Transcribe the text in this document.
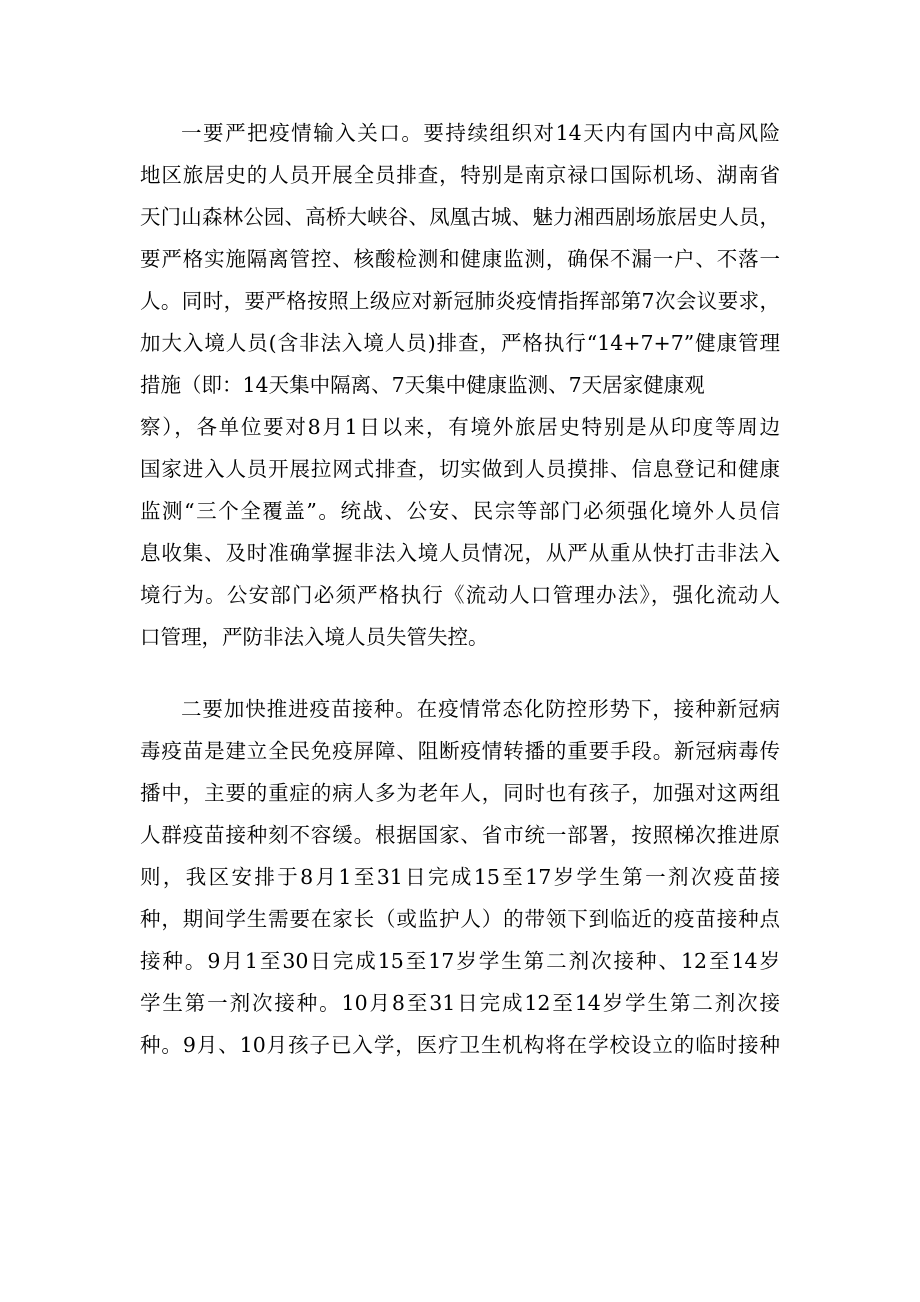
一要严把疫情输入关口。要持续组织对14天内有国内中高风险
地区旅居史的人员开展全员排查，特别是南京禄口国际机场、湖南省
天门山森林公园、高桥大峡谷、凤凰古城、魅力湘西剧场旅居史人员，
要严格实施隔离管控、核酸检测和健康监测，确保不漏一户、不落一
人。同时，要严格按照上级应对新冠肺炎疫情指挥部第7次会议要求，
加大入境人员(含非法入境人员)排查，严格执行“14+7+7”健康管理
措施（即：14天集中隔离、7天集中健康监测、7天居家健康观
察），各单位要对8月1日以来，有境外旅居史特别是从印度等周边
国家进入人员开展拉网式排查，切实做到人员摸排、信息登记和健康
监测“三个全覆盖”。统战、公安、民宗等部门必须强化境外人员信
息收集、及时准确掌握非法入境人员情况，从严从重从快打击非法入
境行为。公安部门必须严格执行《流动人口管理办法》，强化流动人
口管理，严防非法入境人员失管失控。
二要加快推进疫苗接种。在疫情常态化防控形势下，接种新冠病
毒疫苗是建立全民免疫屏障、阻断疫情转播的重要手段。新冠病毒传
播中，主要的重症的病人多为老年人，同时也有孩子，加强对这两组
人群疫苗接种刻不容缓。根据国家、省市统一部署，按照梯次推进原
则，我区安排于8月1至31日完成15至17岁学生第一剂次疫苗接
种，期间学生需要在家长（或监护人）的带领下到临近的疫苗接种点
接种。9月1至30日完成15至17岁学生第二剂次接种、12至14岁
学生第一剂次接种。10月8至31日完成12至14岁学生第二剂次接
种。9月、10月孩子已入学，医疗卫生机构将在学校设立的临时接种
